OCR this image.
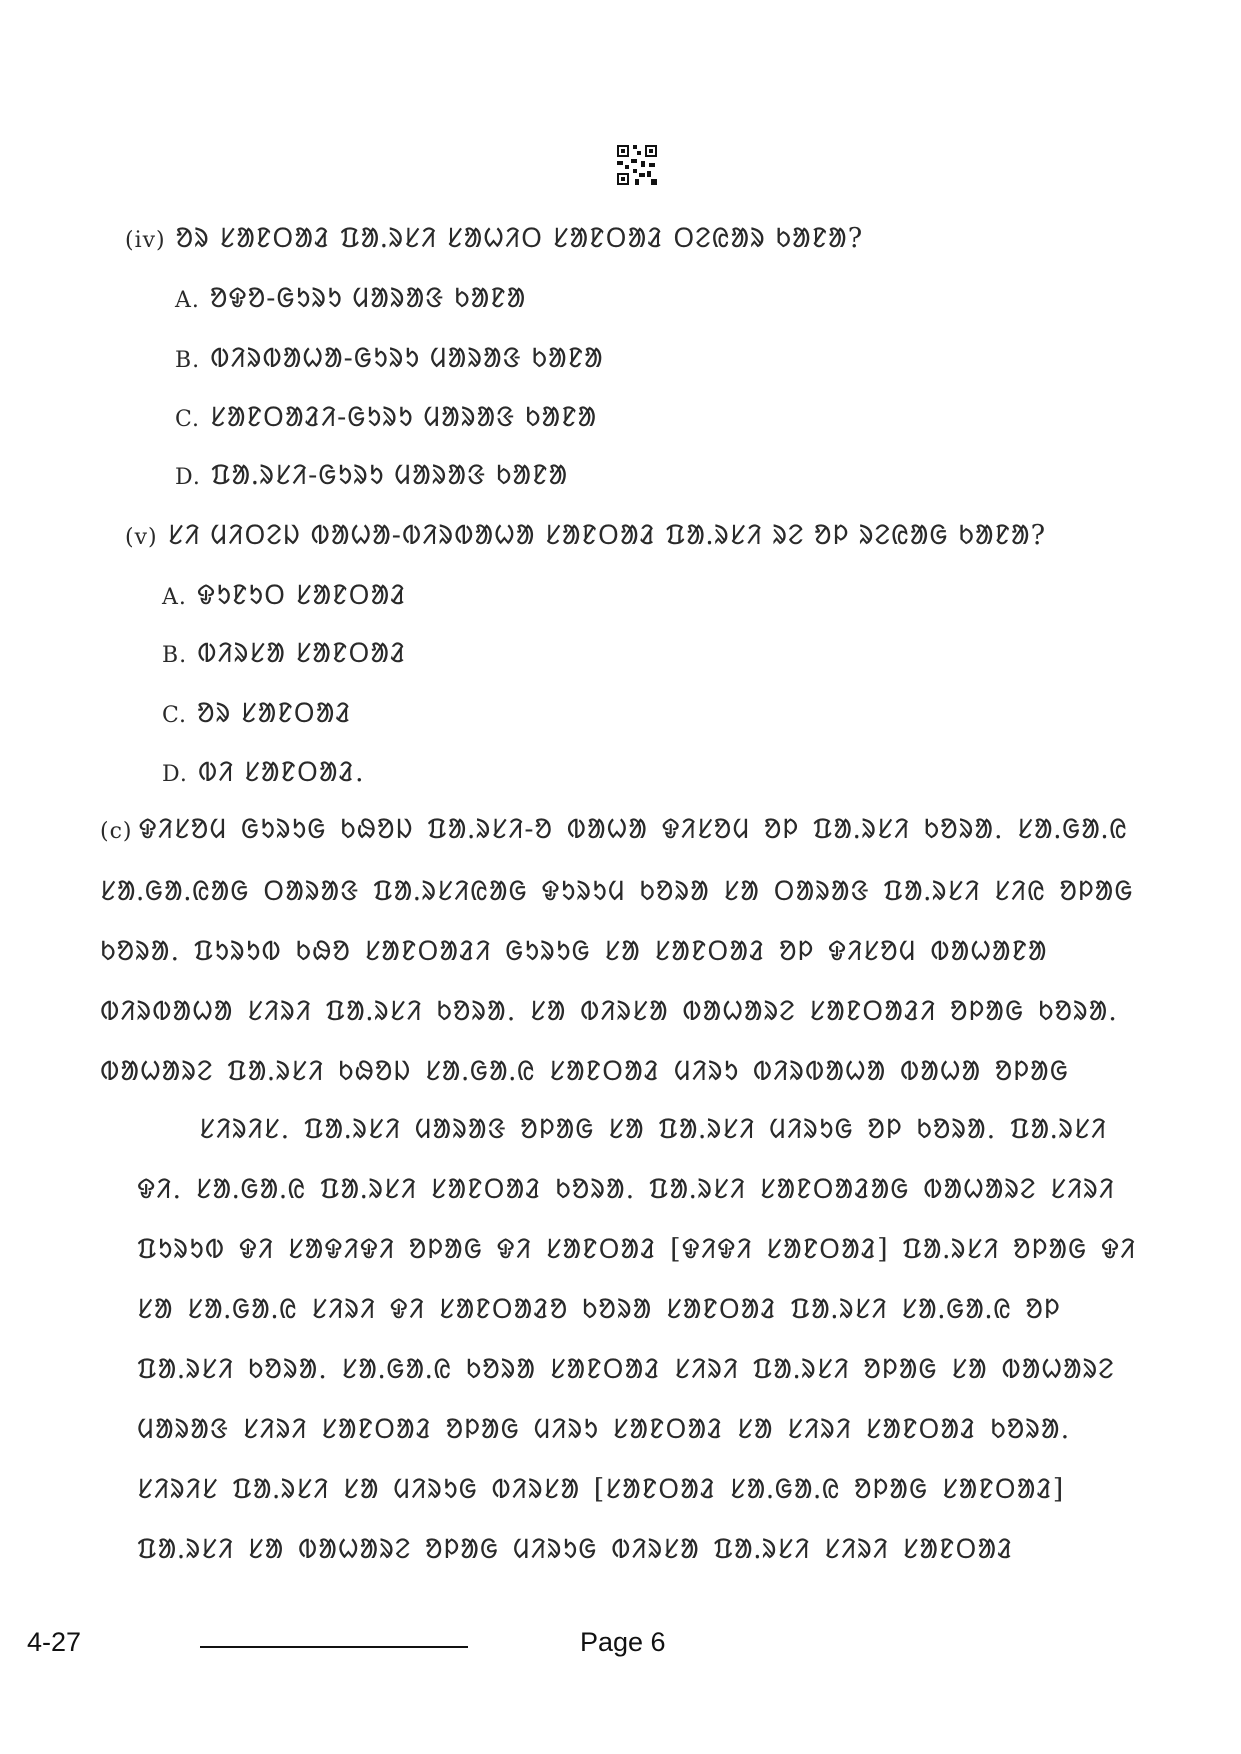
(iv) ᱚᱨ ᱥᱟᱱᱛᱟᱲ ᱯᱟᱹᱨᱥᱤ ᱥᱟᱦᱤᱛ ᱥᱟᱱᱛᱟᱲ ᱛᱮᱭᱟᱨ ᱠᱟᱱᱟ?
A. ᱚᱫᱚ-ᱜᱩᱨᱩ ᱢᱟᱨᱟᱝ ᱠᱟᱱᱟ
B. ᱵᱤᱨᱵᱟᱦᱟ-ᱜᱩᱨᱩ ᱢᱟᱨᱟᱝ ᱠᱟᱱᱟ
C. ᱥᱟᱱᱛᱟᱲᱤ-ᱜᱩᱨᱩ ᱢᱟᱨᱟᱝ ᱠᱟᱱᱟ
D. ᱯᱟᱹᱨᱥᱤ-ᱜᱩᱨᱩ ᱢᱟᱨᱟᱝ ᱠᱟᱱᱟ
(v) ᱥᱤ ᱢᱤᱛᱮᱡ ᱵᱟᱦᱟ-ᱵᱤᱨᱵᱟᱦᱟ ᱥᱟᱱᱛᱟᱲ ᱯᱟᱹᱨᱥᱤ ᱨᱮ ᱚᱞ ᱨᱮᱭᱟᱜ ᱠᱟᱱᱟ?
A. ᱫᱩᱱᱩᱛ ᱥᱟᱱᱛᱟᱲ
B. ᱵᱤᱨᱥᱟ ᱥᱟᱱᱛᱟᱲ
C. ᱚᱨ ᱥᱟᱱᱛᱟᱲ
D. ᱵᱤ ᱥᱟᱱᱛᱟᱲ.
(c) ᱫᱤᱥᱚᱢ ᱜᱩᱨᱩᱜ ᱠᱷᱚᱡ ᱯᱟᱹᱨᱥᱤ-ᱚ ᱵᱟᱦᱟ ᱫᱤᱥᱚᱢ ᱚᱞ ᱯᱟᱹᱨᱥᱤ ᱠᱚᱨᱟ. ᱥᱟᱹᱜᱟᱹᱭ ᱥᱟᱹᱜᱟᱹᱭᱟᱜ ᱛᱟᱨᱟᱝ ᱯᱟᱹᱨᱥᱤᱭᱟᱜ ᱫᱩᱨᱩᱢ ᱠᱚᱨᱟ ᱥᱟ ᱛᱟᱨᱟᱝ ᱯᱟᱹᱨᱥᱤ ᱥᱤᱭ ᱚᱞᱟᱜ ᱠᱚᱨᱟ. ᱯᱩᱨᱩᱵ ᱠᱷᱚ ᱥᱟᱱᱛᱟᱲᱤ ᱜᱩᱨᱩᱜ ᱥᱟ ᱥᱟᱱᱛᱟᱲ ᱚᱞ ᱫᱤᱥᱚᱢ ᱵᱟᱦᱟᱱᱟ ᱵᱤᱨᱵᱟᱦᱟ ᱥᱤᱨᱤ ᱯᱟᱹᱨᱥᱤ ᱠᱚᱨᱟ. ᱥᱟ ᱵᱤᱨᱥᱟ ᱵᱟᱦᱟᱨᱮ ᱥᱟᱱᱛᱟᱲᱤ ᱚᱞᱟᱜ ᱠᱚᱨᱟ. ᱵᱟᱦᱟᱨᱮ ᱯᱟᱹᱨᱥᱤ ᱠᱷᱚᱡ ᱥᱟᱹᱜᱟᱹᱭ ᱥᱟᱱᱛᱟᱲ ᱢᱤᱨᱩ ᱵᱤᱨᱵᱟᱦᱟ ᱵᱟᱦᱟ ᱚᱞᱟᱜ
ᱥᱤᱨᱤᱥ. ᱯᱟᱹᱨᱥᱤ ᱢᱟᱨᱟᱝ ᱚᱞᱟᱜ ᱥᱟ ᱯᱟᱹᱨᱥᱤ ᱢᱤᱨᱩᱜ ᱚᱞ ᱠᱚᱨᱟ. ᱯᱟᱹᱨᱥᱤ ᱫᱤ. ᱥᱟᱹᱜᱟᱹᱭ ᱯᱟᱹᱨᱥᱤ ᱥᱟᱱᱛᱟᱲ ᱠᱚᱨᱟ. ᱯᱟᱹᱨᱥᱤ ᱥᱟᱱᱛᱟᱲᱟᱜ ᱵᱟᱦᱟᱨᱮ ᱥᱤᱨᱤ ᱯᱩᱨᱩᱵ ᱫᱤ ᱥᱟᱫᱤᱫᱤ ᱚᱞᱟᱜ ᱫᱤ ᱥᱟᱱᱛᱟᱲ [ᱫᱤᱫᱤ ᱥᱟᱱᱛᱟᱲ] ᱯᱟᱹᱨᱥᱤ ᱚᱞᱟᱜ ᱫᱤ ᱥᱟ ᱥᱟᱹᱜᱟᱹᱭ ᱥᱤᱨᱤ ᱫᱤ ᱥᱟᱱᱛᱟᱲᱚ ᱠᱚᱨᱟ ᱥᱟᱱᱛᱟᱲ ᱯᱟᱹᱨᱥᱤ ᱥᱟᱹᱜᱟᱹᱭ ᱚᱞ ᱯᱟᱹᱨᱥᱤ ᱠᱚᱨᱟ. ᱥᱟᱹᱜᱟᱹᱭ ᱠᱚᱨᱟ ᱥᱟᱱᱛᱟᱲ ᱥᱤᱨᱤ ᱯᱟᱹᱨᱥᱤ ᱚᱞᱟᱜ ᱥᱟ ᱵᱟᱦᱟᱨᱮ ᱢᱟᱨᱟᱝ ᱥᱤᱨᱤ ᱥᱟᱱᱛᱟᱲ ᱚᱞᱟᱜ ᱢᱤᱨᱩ ᱥᱟᱱᱛᱟᱲ ᱥᱟ ᱥᱤᱨᱤ ᱥᱟᱱᱛᱟᱲ ᱠᱚᱨᱟ. ᱥᱤᱨᱤᱥ ᱯᱟᱹᱨᱥᱤ ᱥᱟ ᱢᱤᱨᱩᱜ ᱵᱤᱨᱥᱟ [ᱥᱟᱱᱛᱟᱲ ᱥᱟᱹᱜᱟᱹᱭ ᱚᱞᱟᱜ ᱥᱟᱱᱛᱟᱲ] ᱯᱟᱹᱨᱥᱤ ᱥᱟ ᱵᱟᱦᱟᱨᱮ ᱚᱞᱟᱜ ᱢᱤᱨᱩᱜ ᱵᱤᱨᱥᱟ ᱯᱟᱹᱨᱥᱤ ᱥᱤᱨᱤ ᱥᱟᱱᱛᱟᱲ
4-27	Page 6
